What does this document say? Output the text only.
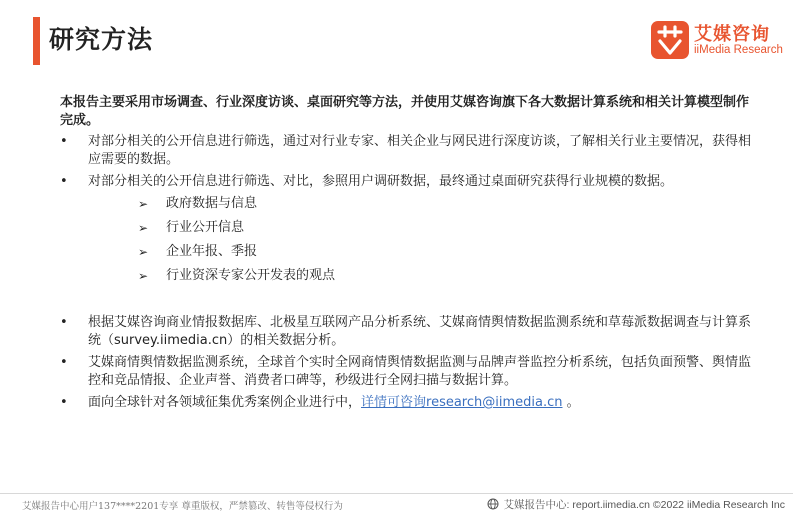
研究方法	艾媒咨询
iiMedia Research

本报告主要采用市场调查、行业深度访谈、桌面研究等方法，并使用艾媒咨询旗下各大数据计算系统和相关计算模型制作完成。

• 对部分相关的公开信息进行筛选，通过对行业专家、相关企业与网民进行深度访谈，了解相关行业主要情况，获得相应需要的数据。
• 对部分相关的公开信息进行筛选、对比，参照用户调研数据，最终通过桌面研究获得行业规模的数据。
➢ 政府数据与信息
➢ 行业公开信息
➢ 企业年报、季报
➢ 行业资深专家公开发表的观点
• 根据艾媒咨询商业情报数据库、北极星互联网产品分析系统、艾媒商情舆情数据监测系统和草莓派数据调查与计算系统（survey.iimedia.cn）的相关数据分析。
• 艾媒商情舆情数据监测系统，全球首个实时全网商情舆情数据监测与品牌声誉监控分析系统，包括负面预警、舆情监控和竞品情报、企业声誉、消费者口碑等，秒级进行全网扫描与数据计算。
• 面向全球针对各领域征集优秀案例企业进行中，详情可咨询research@iimedia.cn 。
艾媒报告中心用户137****2201专享 尊重版权，严禁篡改、转售等侵权行为	艾媒报告中心: report.iimedia.cn ©2022 iiMedia Research Inc
